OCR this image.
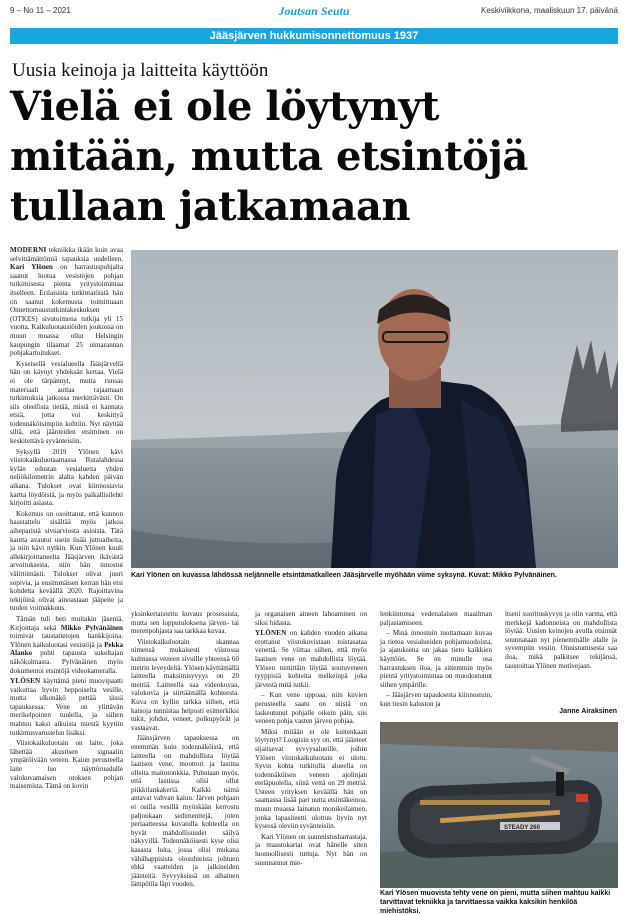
9 – No 11 – 2021	Joutsan Seutu	Keskiviikkona, maaliskuun 17. päivänä
Jääsjärven hukkumisonnettomuus 1937
Uusia keinoja ja laitteita käyttöön
Vielä ei ole löytynyt
mitään, mutta etsintöjä
tullaan jatkamaan

MODERNI tekniikka ikään kuin avaa selvittämättömiä tapauksia uudelleen. Kari Ylönen on harrastuspohjalta saanut luotua vesistöjen pohjan tutkimisesta pienta yritystoimintaa itselleen. Erilaisista tutkintatöistä hän on saanut kokemusta toimittuaan Onnettomuustutkintakeskuksen (OTKES) sivutoimena tutkija yli 15 vuotta. Kaikuluotaustöiden joukossa on muun muassa ollut Helsingin kaupungin tilaamat 25 uimarannan pohjakartoitukset.

Kyseisellä vesialueella Jääsjärvellä hän on käynyt yhdeksän kertaa. Vielä ei ole tärpännyt, mutta runsas materiaali auttaa rajaamaan tutkimuksia jatkossa merkittävästi. On siis oleellista tietää, mistä ei kannata etsiä, jotta voi keskittyä todennäköisimpiin kohtiin. Nyt näyttää siltä, että jäänteiden etsiminen on keskitettävä syvänteisiin.

Syksyllä 2019 Ylönen kävi viistokaikuluotaamassa Rutalahdessa kylän edustan vesialuetta yhden neliökilometrin alalta kahden päivän aikana. Tulokset ovat kiinnostavia kartta löydöistä, ja myös paikallisilehti kirjoitti asiasta.

Kokemus on osoittanut, että kunnon haastattelu sisältää myös jatkoa aiheparistä sivuarviosta asioista. Tätä kautta avautui usein lisää juttuaiheita, ja niin kävi nytkin. Kun Ylönen kuuli allekirjoittaneelta Jääsjärven ikävästä arvoituksesta, niin hän innostui välittömästi. Tulokset olivat juuri sopivia, ja ensimmäisen kerran hän etsi kohdetta keväällä 2020. Rajoittavina tekijöinä olivat ainoastaan jääpeite ja tuulen voimakkuus.

Tämän tuli heti muitakin jäseniä. Kirjoittaja sekä Mikko Pylvänäinen toimivat taustatietojen hankkijoina. Ylönen kaikuluotasi vesistöjä ja Pekka Alanko pohti tapausta sukeltajan näkökulmasta. Pylvänäinen myös dokumentoi etsintöjä videokameralla.

YLÖSEN käyttämä pieni muovipaatti vaikuttaa hyvin heppoiselta vesille, mutta ulkonäkö pettää tässä tapauksessa. Vene on ylittävän merikelpoinen tuulella, ja siihen mahtuu kaksi aikuista miestä kyytiin tutkimusvarustelun lisäksi.

Viistokaikuluotain on laite, joka lähettää akustisen signaalin ympäröivään veteen. Kaiun perusteella laite luo näyttöruudulle valokuvamaisen otoksen pohjan maisemista. Tämä on kovin

Kari Ylönen on kuvassa lähdössä neljännelle etsintämatkalleen Jääsjärvelle myöhään viime syksynä. Kuvat: Mikko Pylvänäinen.

yksinkertaistettu kuvaus prosessista, mutta sen lopputuloksena järven- tai merenpohjasta saa tarkkaa kuvaa.

Viistokaikuluotain skannaa nimensä mukaisesti viistossa kulmassa veneen sivuille yhteensä 60 metrin leveydeltä. Ylösen käyttämällä laitteella maksimisyvyys on 20 metriä. Laitteella saa videokuvaa, valokuvia ja siirtäämällä kohteesta. Kuva on kyllin tarkka siihen, että katsoja tunnistaa helposti esimerkiksi tukit, johdot, veneet, polkupyörät ja vastaavat.

Jäänsjärven tapauksessa on enemmän kuin todennäköistä, että laitteella on mahdollista löytää laatisen vene, moottori ja lastina olleita maitotonkkia. Puhutaan myös, että lastissa olisi ollut piikkilankakeriä. Kaikki nämä antavat vahvan kaiun. Järven pohjaan ei osilla vesillä myöskään kerrostu paljoukaan sedimenttejä, joten periaatteessa kuvatulla kohteella on hyvät mahdollisuudet säilyä näkyvillä. Todennäköisesti kyse olisi kasasta luita, jossa olisi mukana vähähappisista olosuhteista johtuen ehkä vaatteiden ja jalkineiden jäänteitä. Syvyyksissä on alhainen lämpötila läpi vuoden,

ja organaisen aineen lahoaminen on siksi hidasta.

YLÖNEN on kahden vuoden aikana erottanut viistokuvistaan toistasataa venettä. Se viittaa siihen, että myös laatisen vene on mahdollista löytää. Ylösen nimittäin löytää soutuveneen tyyppisiä kohteita melkeinpä joka järvestä mitä tutkii.

– Kun vene uppoaa, niin kuvien perusteella saatu on niistä on laskeutunut pohjalle oikein päin, siis veneen pohja vasten järven pohjaa.

Miksi mitään ei ole kuitenkaan löytynyt? Loogisin syy on, että jäänteet sijaitsevat syvyysalueille, joihin Ylösen viistokaikuluotain ei ulotu. Syvin kohta tutkitulla alueella on todennäköisen veneen ajolinjan eteläpuolella, siinä vettä on 29 metriä. Usteen yrityksen keväällä hän on saamassa lisää pari uutta etsintäkeinoa, muun muassa lainatun monikeilaimen, jonka lapasiteetti ulottuu hyvin nyt kysessä oleviin syvänteisiin.

Kari Ylönen on suunnistusharrastaja, ja maastokartat ovat hänelle siten luonnollisesti tuttuja. Nyt hän on suunnannut mie-

lenkiintonsa vedenalaisen maailman paljastamiseen.

– Minä innostuin tuottamaan kuvaa ja tietoa vesialueiden pohjamuodoista, ja ajatuksena on jakaa tieto kaikkien käyttöön. Se on minulle osa harrastuksen iloa, ja sittemmin myös pientä yritystoimintaa on muodostunut siihen ympärille.

– Jääsjärven tapauksesta kiinnostuin, kun tiesin kaluston ja

itseni suorituskyvyn ja olin varma, että merkkejä kadonneista on mahdollista löytää. Uusien keinojen avulla etsinnät suunnataan nyt pienemmälle alalle ja syvempiin vesiin. Onnistumisesta saa iloa, mikä palkitsee tekijänsä, taustoittaa Ylönen motivejaan.

Janne Airaksinen
STEADY 260
Kari Ylösen muovista tehty vene on pieni, mutta siihen mahtuu kaikki tarvittavat tekniikka ja tarvittaessa vaikka kaksikin henkilöä miehistöksi.
